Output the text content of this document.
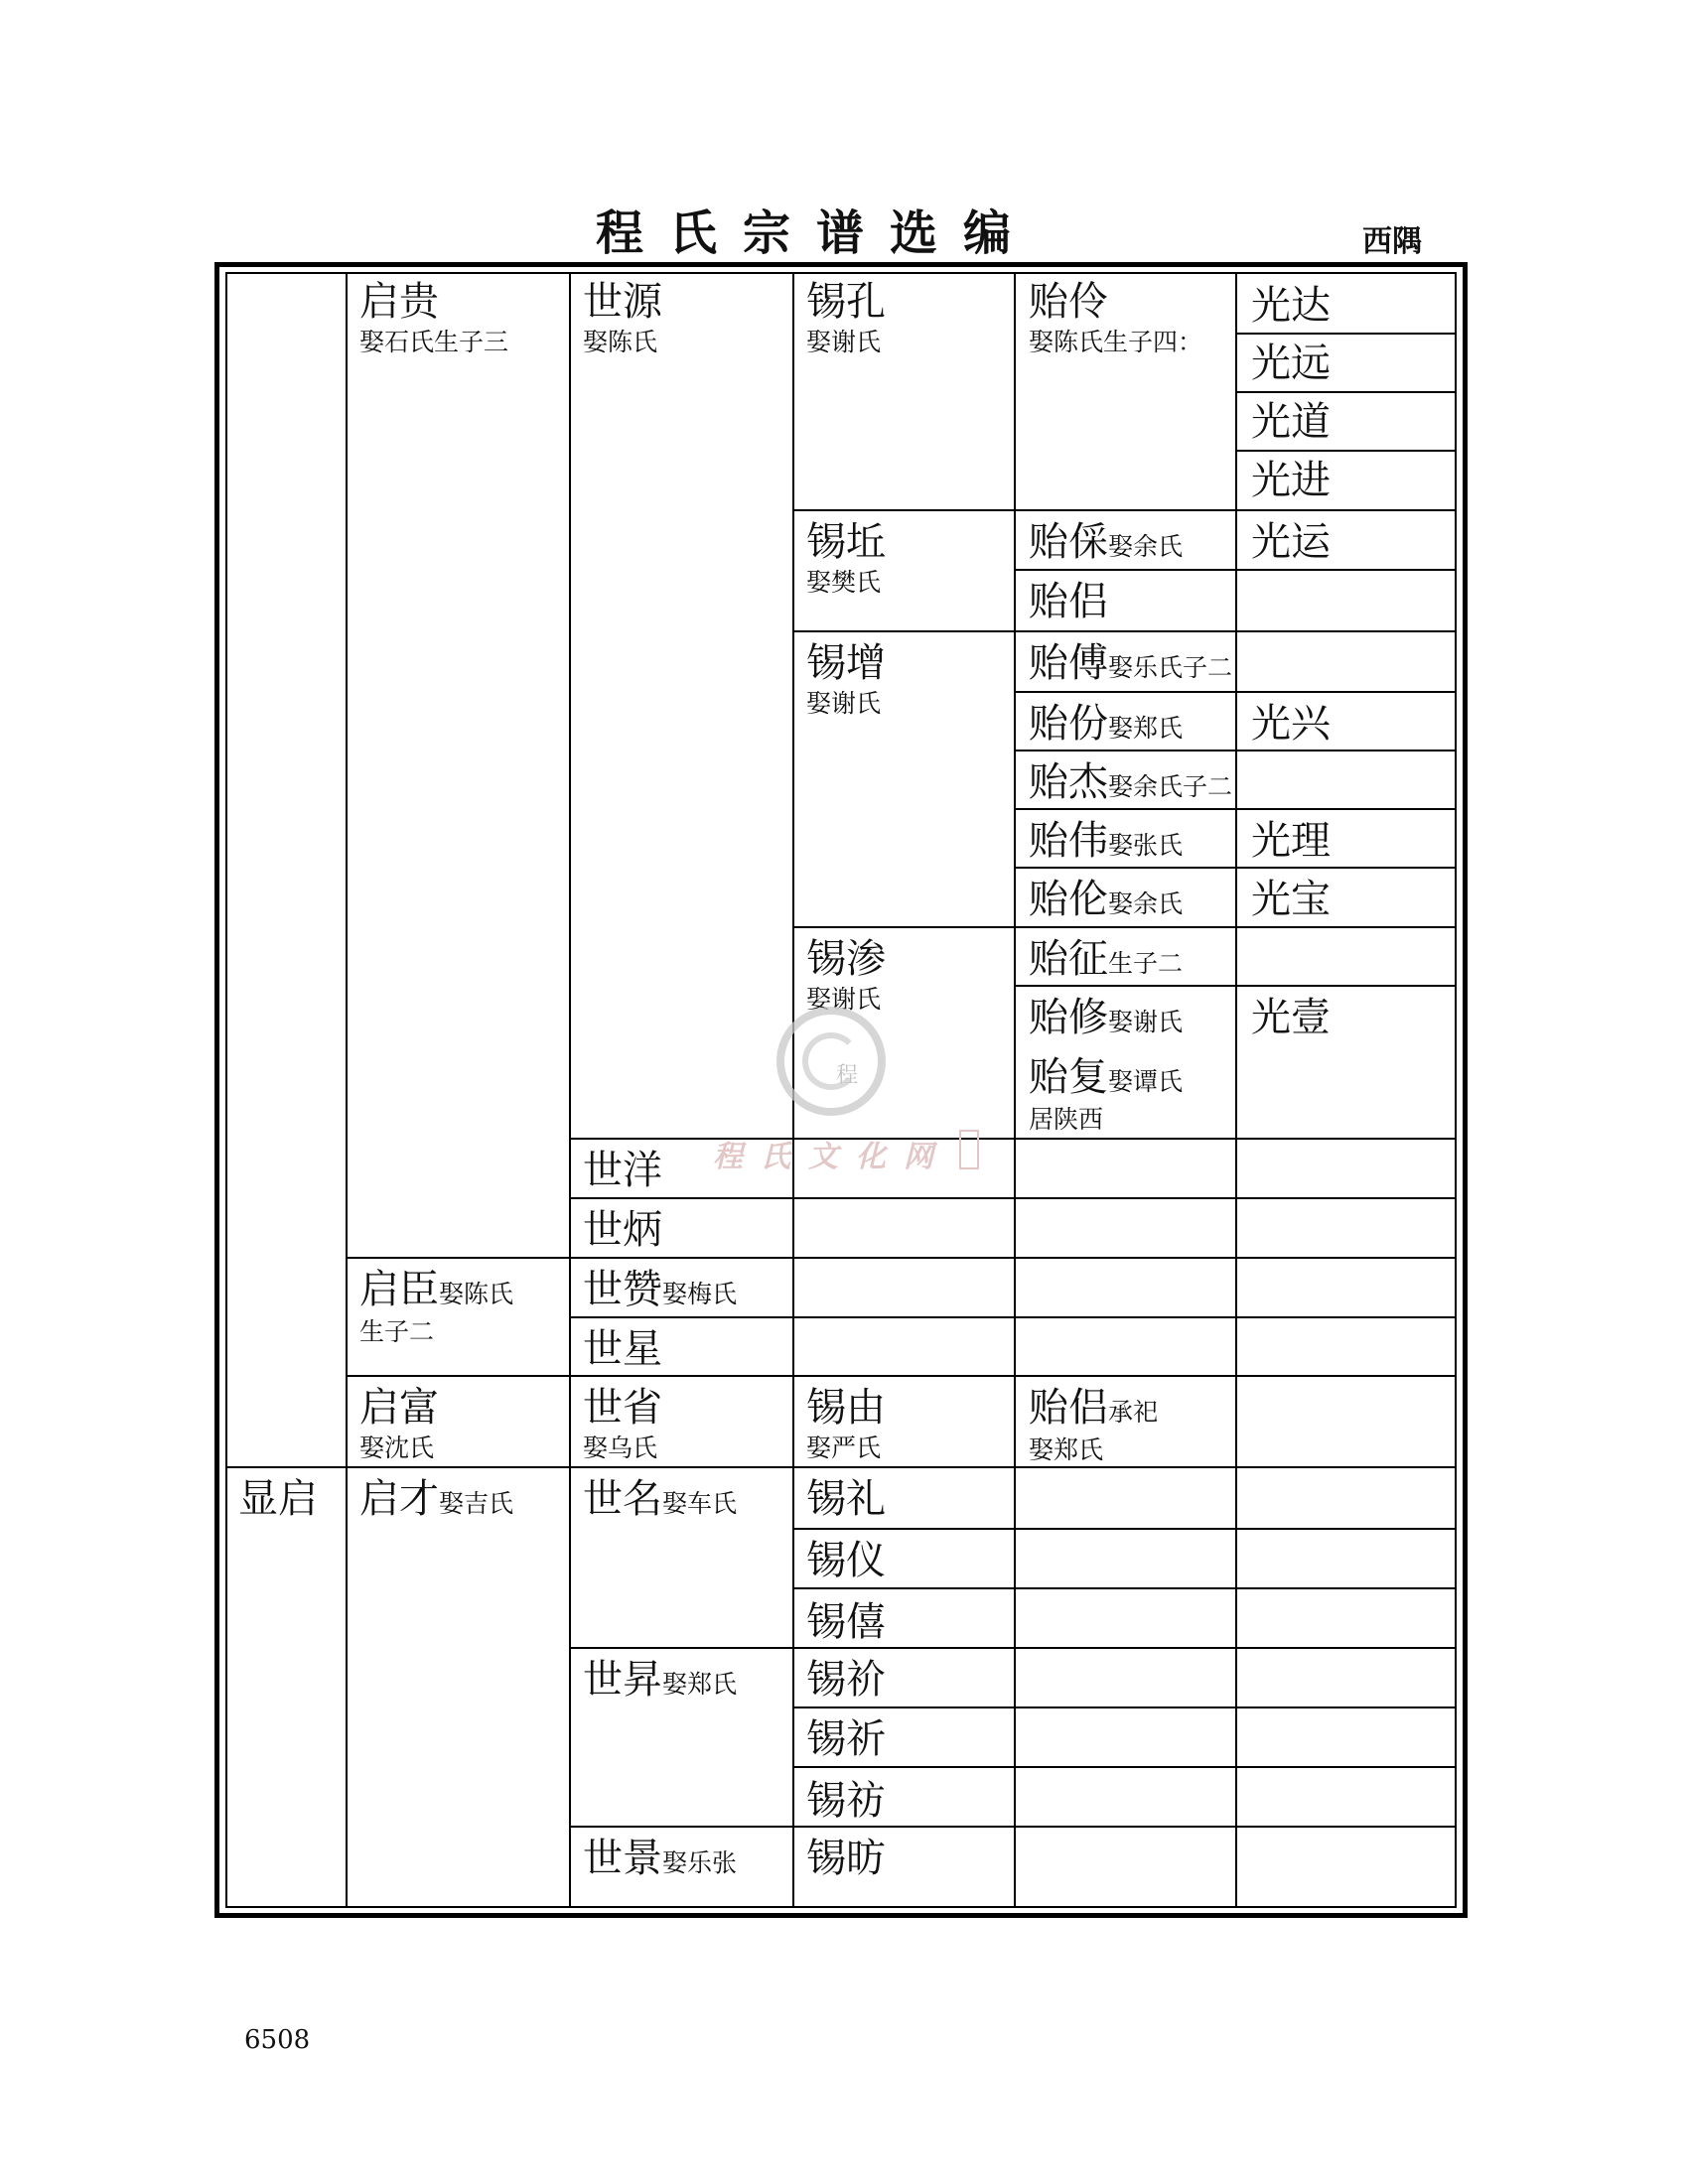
程氏宗谱选编	西隅
启贵

娶石氏生子三
世源

娶陈氏
锡孔

娶谢氏
贻伶

娶陈氏生子四：
光达
光远
光道
光进
锡坵

娶樊氏
贻倸娶余氏 光运
贻侣
锡增

娶谢氏
贻傅娶乐氏子二
贻份娶郑氏 光兴
贻杰娶余氏子二
贻伟娶张氏 光理
贻伦娶余氏 光宝
锡渗

娶谢氏
贻征生子二
贻修娶谢氏 光壹
贻复娶谭氏
居陕西
世洋
世炳
启臣娶陈氏
生子二
世赞娶梅氏
世星
启富

娶沈氏
世省

娶乌氏
锡由

娶严氏
贻侣承祀
娶郑氏
显启 启才娶吉氏 世名娶车氏 锡礼
锡仪
锡僖
世昇娶郑氏 锡祄
锡祈
锡祊
世景娶乐张 锡昉
程
程氏文化网
6508
